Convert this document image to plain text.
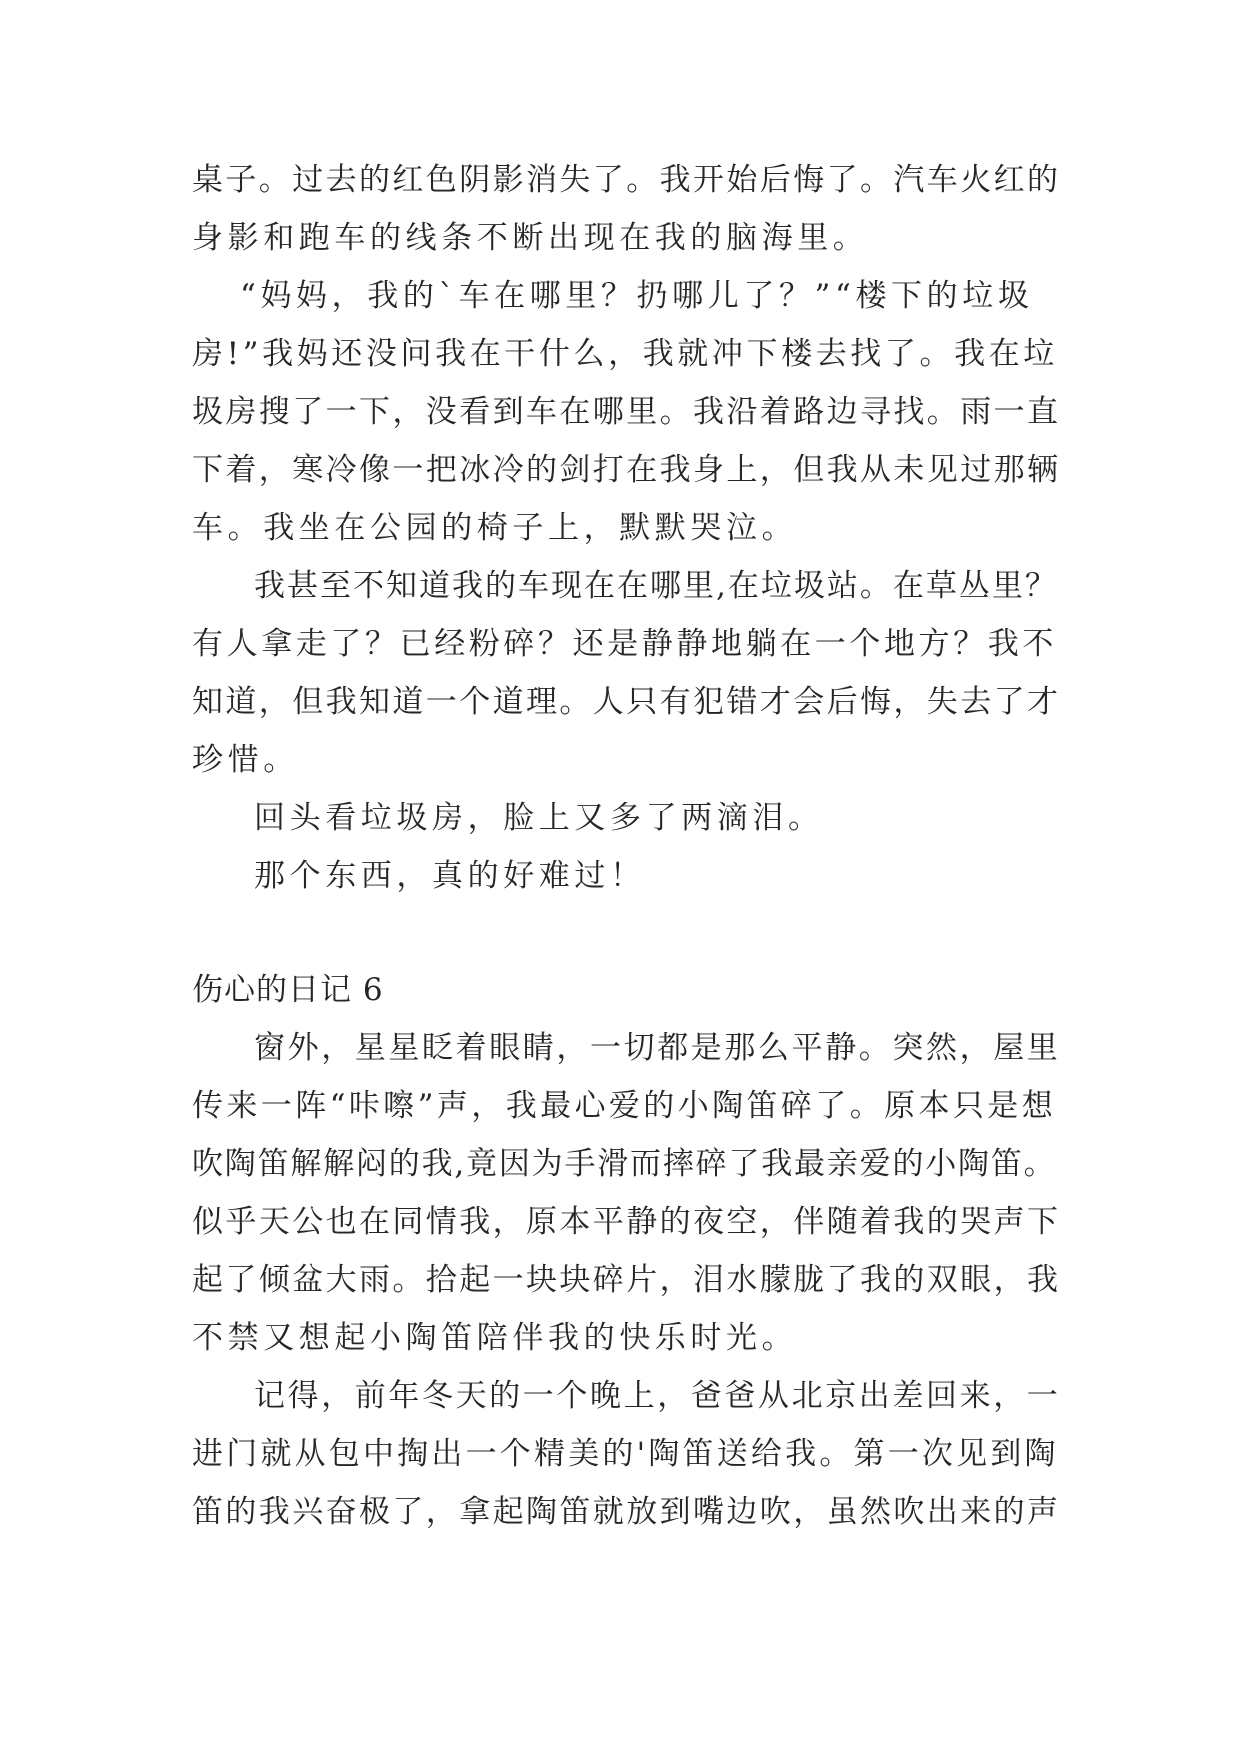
桌子。过去的红色阴影消失了。我开始后悔了。汽车火红的

身影和跑车的线条不断出现在我的脑海里。

“妈妈，我的`车在哪里？扔哪儿了？”“楼下的垃圾

房!”我妈还没问我在干什么，我就冲下楼去找了。我在垃

圾房搜了一下，没看到车在哪里。我沿着路边寻找。雨一直

下着，寒冷像一把冰冷的剑打在我身上，但我从未见过那辆

车。我坐在公园的椅子上，默默哭泣。

我甚至不知道我的车现在在哪里,在垃圾站。在草丛里？

有人拿走了？已经粉碎？还是静静地躺在一个地方？我不

知道，但我知道一个道理。人只有犯错才会后悔，失去了才

珍惜。

回头看垃圾房，脸上又多了两滴泪。

那个东西，真的好难过！

伤心的日记 6

窗外，星星眨着眼睛，一切都是那么平静。突然，屋里

传来一阵“咔嚓”声，我最心爱的小陶笛碎了。原本只是想

吹陶笛解解闷的我,竟因为手滑而摔碎了我最亲爱的小陶笛。

似乎天公也在同情我，原本平静的夜空，伴随着我的哭声下

起了倾盆大雨。拾起一块块碎片，泪水朦胧了我的双眼，我

不禁又想起小陶笛陪伴我的快乐时光。

记得，前年冬天的一个晚上，爸爸从北京出差回来，一

进门就从包中掏出一个精美的'陶笛送给我。第一次见到陶

笛的我兴奋极了，拿起陶笛就放到嘴边吹，虽然吹出来的声
